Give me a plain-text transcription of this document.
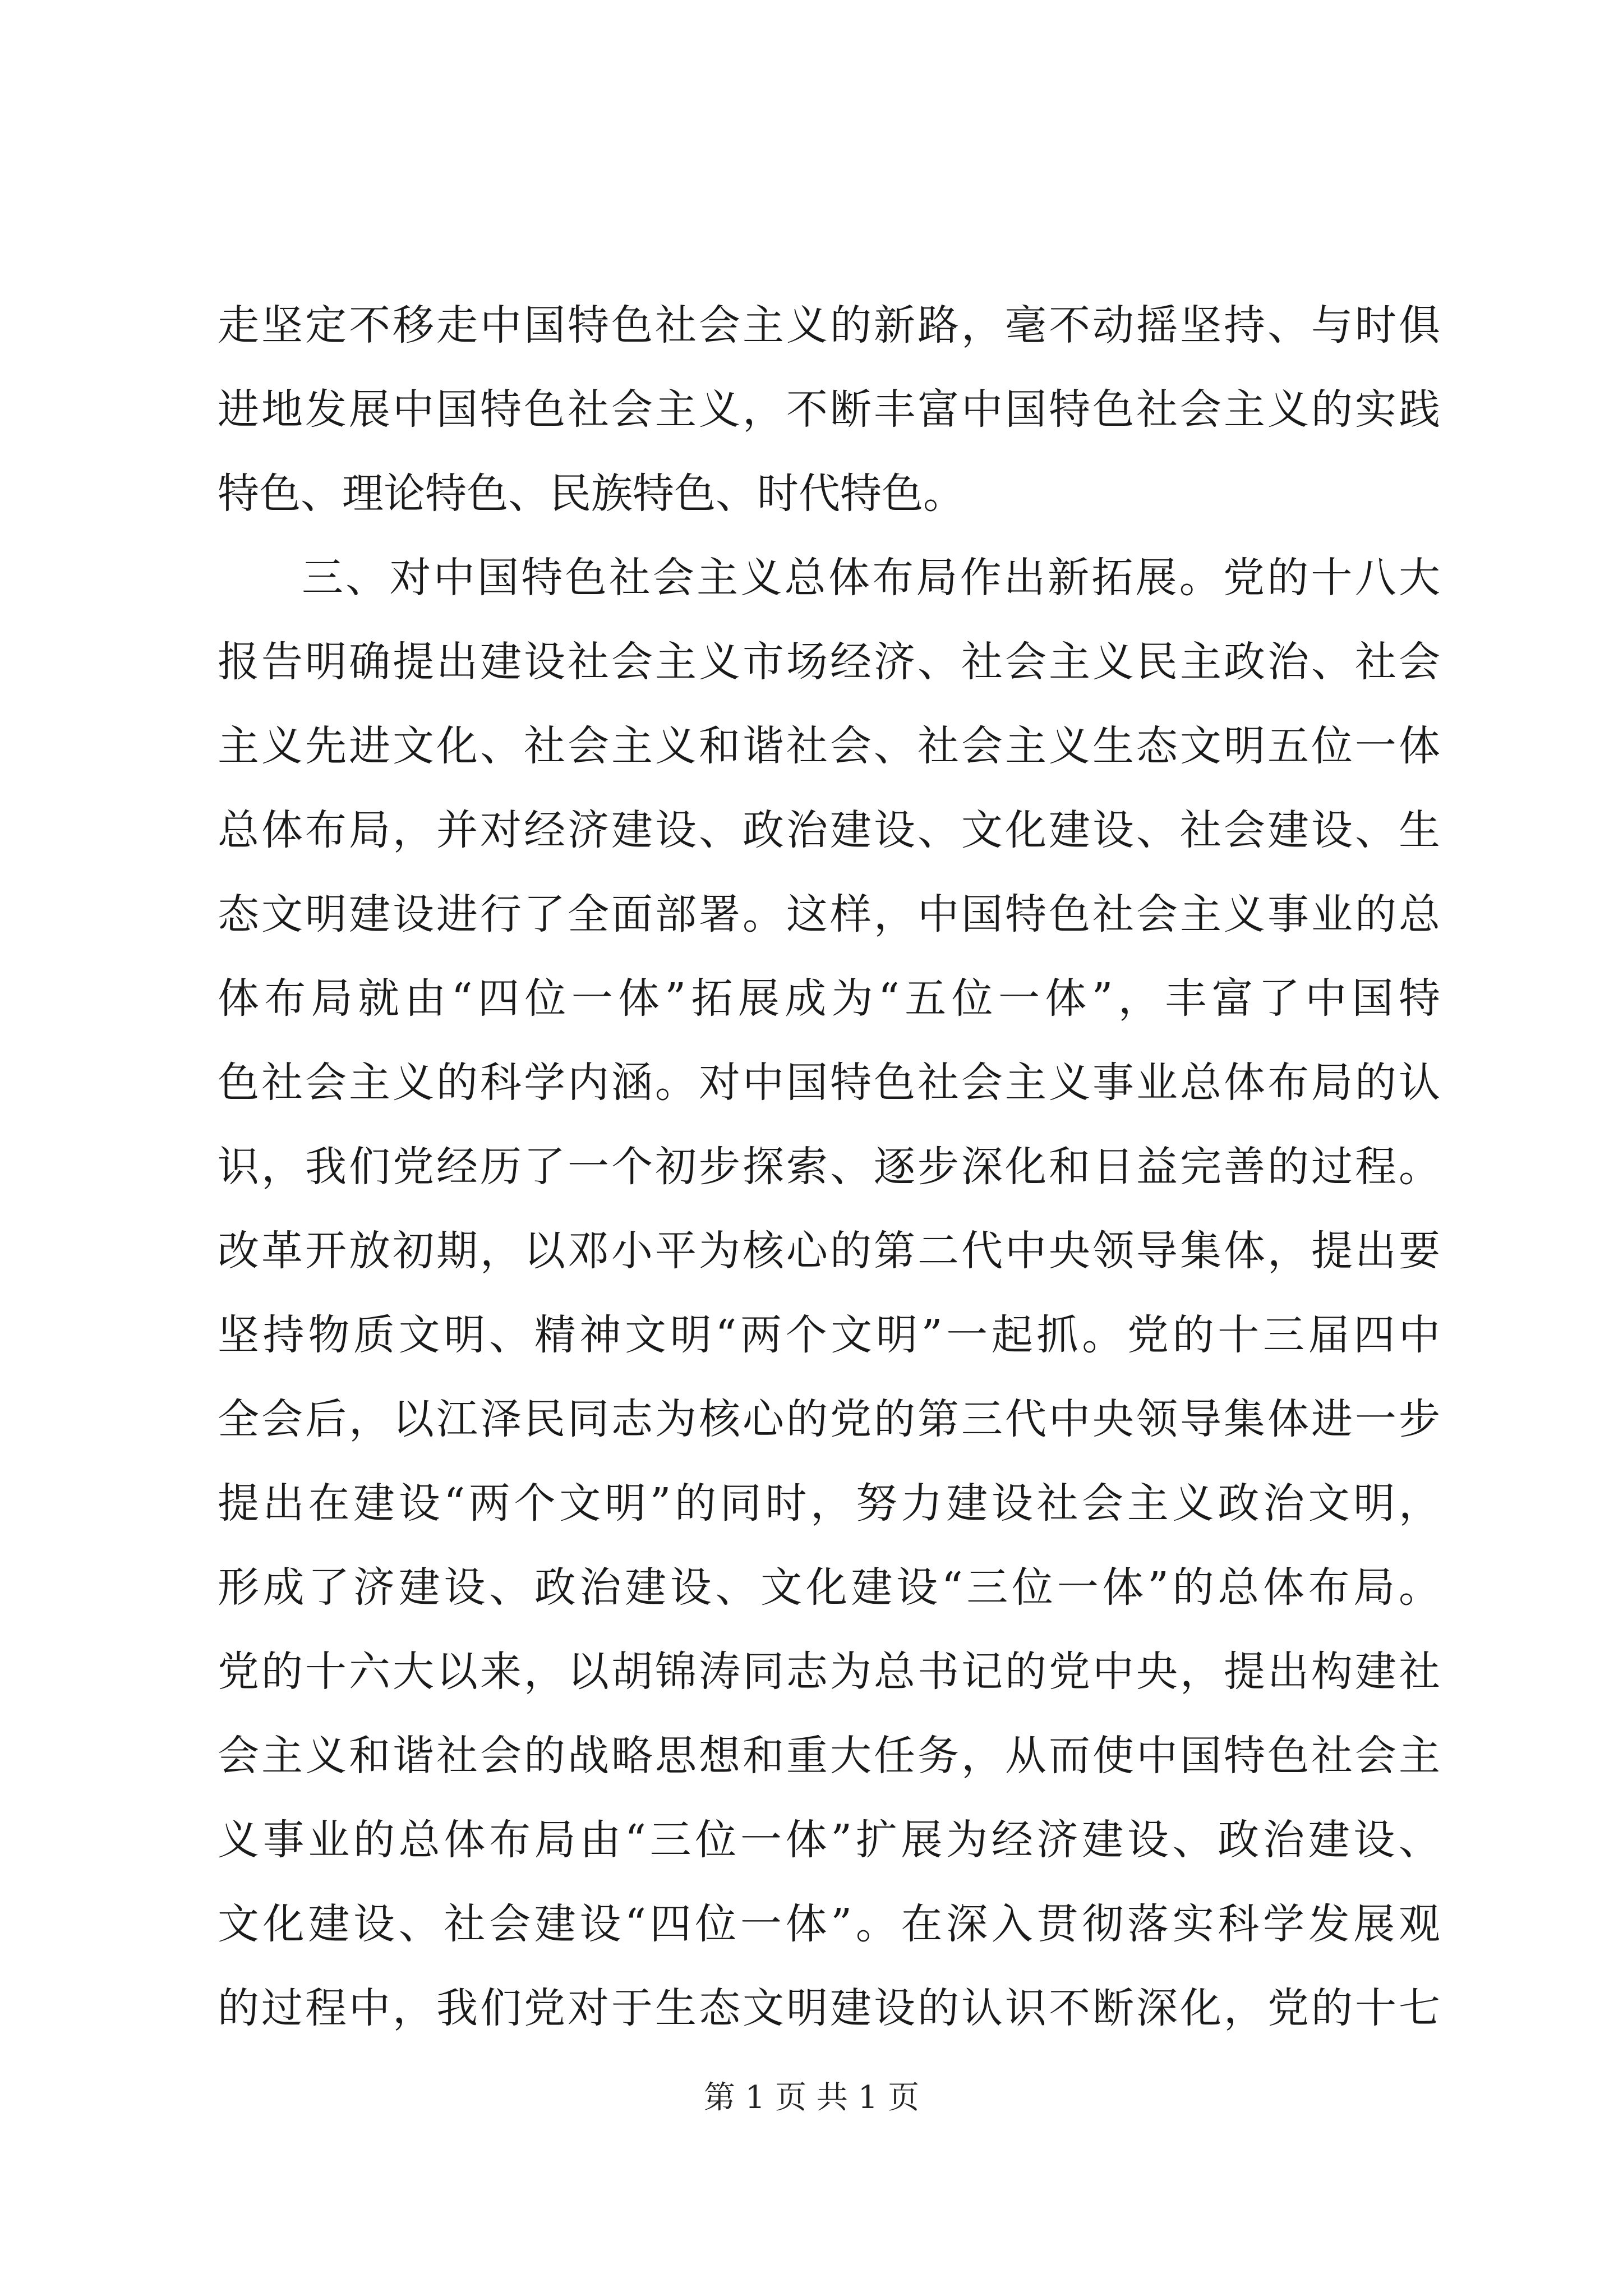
走坚定不移走中国特色社会主义的新路，毫不动摇坚持、与时俱
进地发展中国特色社会主义，不断丰富中国特色社会主义的实践
特色、理论特色、民族特色、时代特色。
三、对中国特色社会主义总体布局作出新拓展。党的十八大
报告明确提出建设社会主义市场经济、社会主义民主政治、社会
主义先进文化、社会主义和谐社会、社会主义生态文明五位一体
总体布局，并对经济建设、政治建设、文化建设、社会建设、生
态文明建设进行了全面部署。这样，中国特色社会主义事业的总
体布局就由“四位一体”拓展成为“五位一体”，丰富了中国特
色社会主义的科学内涵。对中国特色社会主义事业总体布局的认
识，我们党经历了一个初步探索、逐步深化和日益完善的过程。
改革开放初期，以邓小平为核心的第二代中央领导集体，提出要
坚持物质文明、精神文明“两个文明”一起抓。党的十三届四中
全会后，以江泽民同志为核心的党的第三代中央领导集体进一步
提出在建设“两个文明”的同时，努力建设社会主义政治文明，
形成了济建设、政治建设、文化建设“三位一体”的总体布局。
党的十六大以来，以胡锦涛同志为总书记的党中央，提出构建社
会主义和谐社会的战略思想和重大任务，从而使中国特色社会主
义事业的总体布局由“三位一体”扩展为经济建设、政治建设、
文化建设、社会建设“四位一体”。在深入贯彻落实科学发展观
的过程中，我们党对于生态文明建设的认识不断深化，党的十七
第 1 页 共 1 页
